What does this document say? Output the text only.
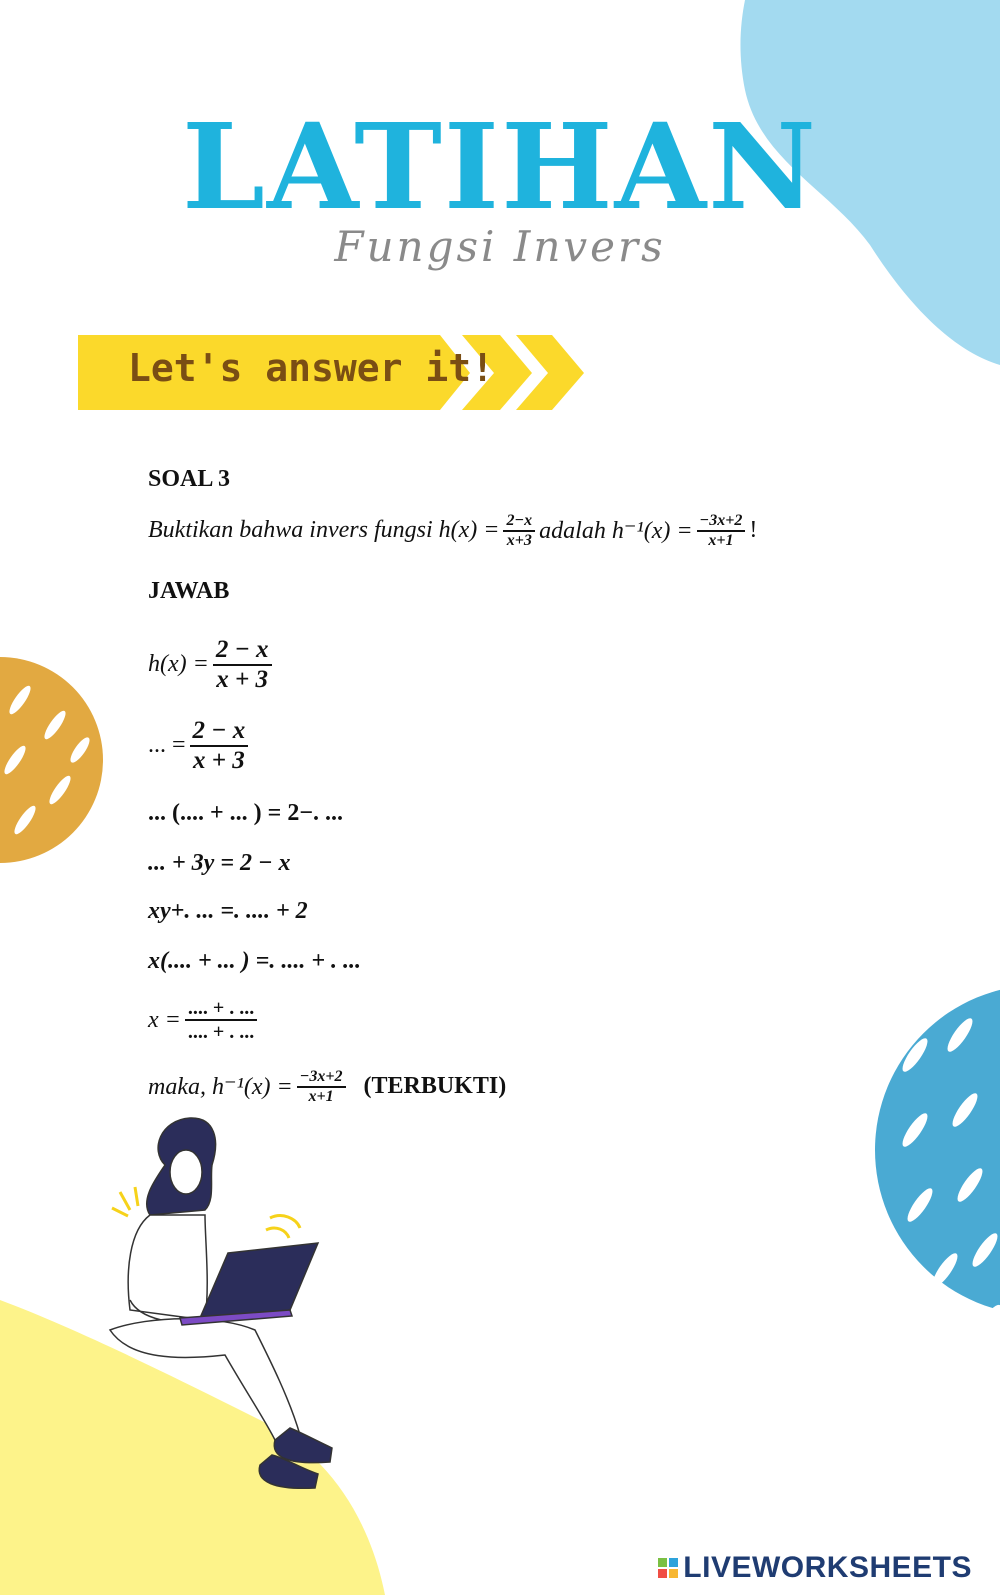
LATIHAN
Fungsi Invers
Let's answer it!
SOAL 3
Buktikan bahwa invers fungsi $h(x) = \frac{2-x}{x+3}$ adalah $h^{-1}(x) = \frac{-3x+2}{x+1}$ !
JAWAB
$h(x) = \frac{2 - x}{x + 3}$
... = $\frac{2 - x}{x + 3}$
... (.... + ... ) = 2−. ...
... + 3y = 2 − x
xy+. ... =. .... + 2
x(.... + ... ) =. .... + . ...
$x = \frac{.... + . ...}{.... + . ...}$
maka, $h^{-1}(x) = \frac{-3x+2}{x+1}$ (TERBUKTI)
LIVEWORKSHEETS
